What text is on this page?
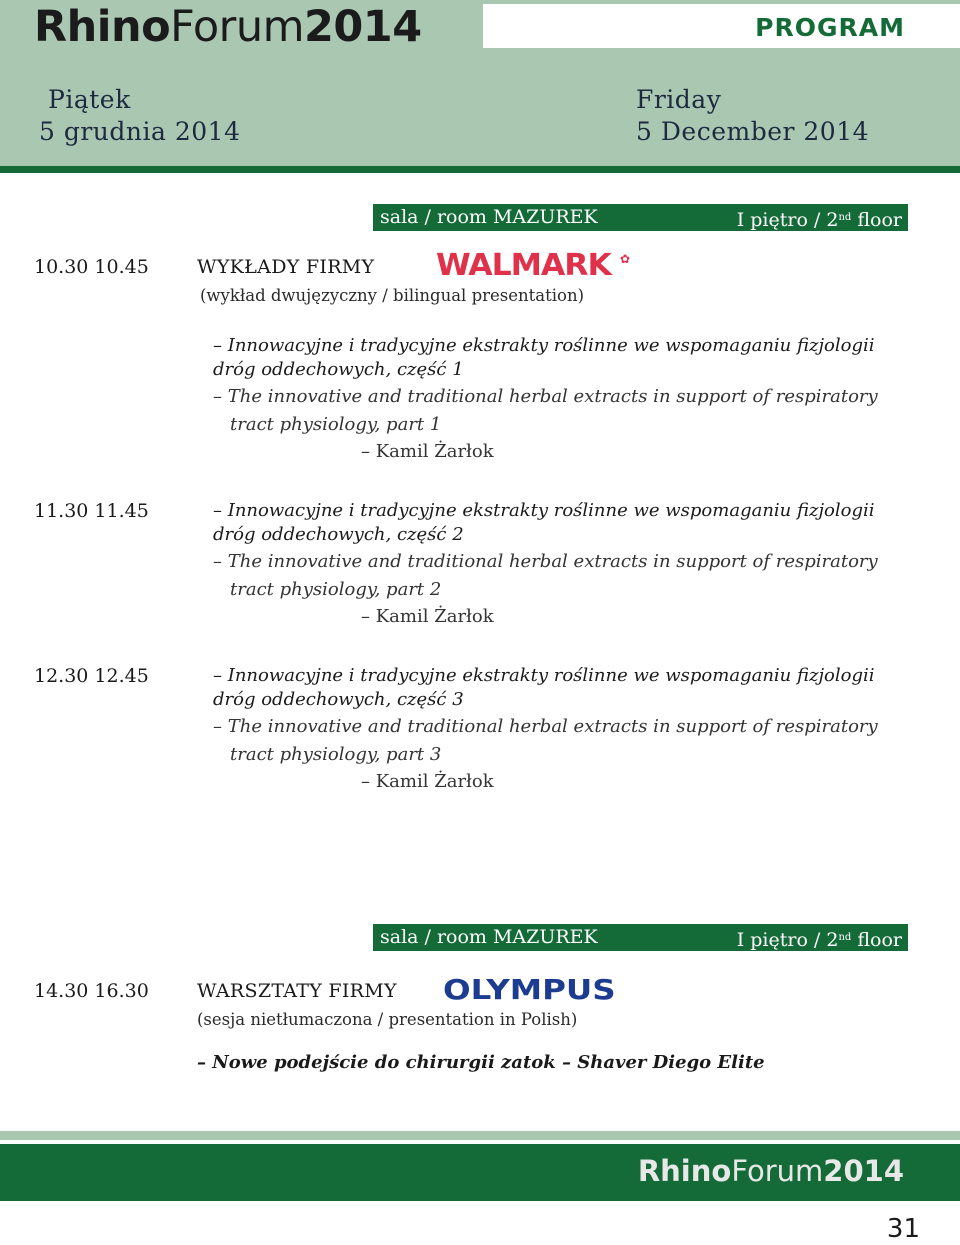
RhinoForum2014	PROGRAM
Piątek
5 grudnia 2014
Friday
5 December 2014
sala / room MAZUREK	I piętro / 2nd floor
10.30 10.45	WYKŁADY FIRMY WALMARK ✿
(wykład dwujęzyczny / bilingual presentation)
– Innowacyjne i tradycyjne ekstrakty roślinne we wspomaganiu fizjologii
dróg oddechowych, część 1
– The innovative and traditional herbal extracts in support of respiratory
tract physiology, part 1
– Kamil Żarłok
11.30 11.45	– Innowacyjne i tradycyjne ekstrakty roślinne we wspomaganiu fizjologii
dróg oddechowych, część 2
– The innovative and traditional herbal extracts in support of respiratory
tract physiology, part 2
– Kamil Żarłok
12.30 12.45	– Innowacyjne i tradycyjne ekstrakty roślinne we wspomaganiu fizjologii
dróg oddechowych, część 3
– The innovative and traditional herbal extracts in support of respiratory
tract physiology, part 3
– Kamil Żarłok
sala / room MAZUREK	I piętro / 2nd floor
14.30 16.30	WARSZTATY FIRMY OLYMPUS
(sesja nietłumaczona / presentation in Polish)
– Nowe podejście do chirurgii zatok – Shaver Diego Elite
RhinoForum2014
31
